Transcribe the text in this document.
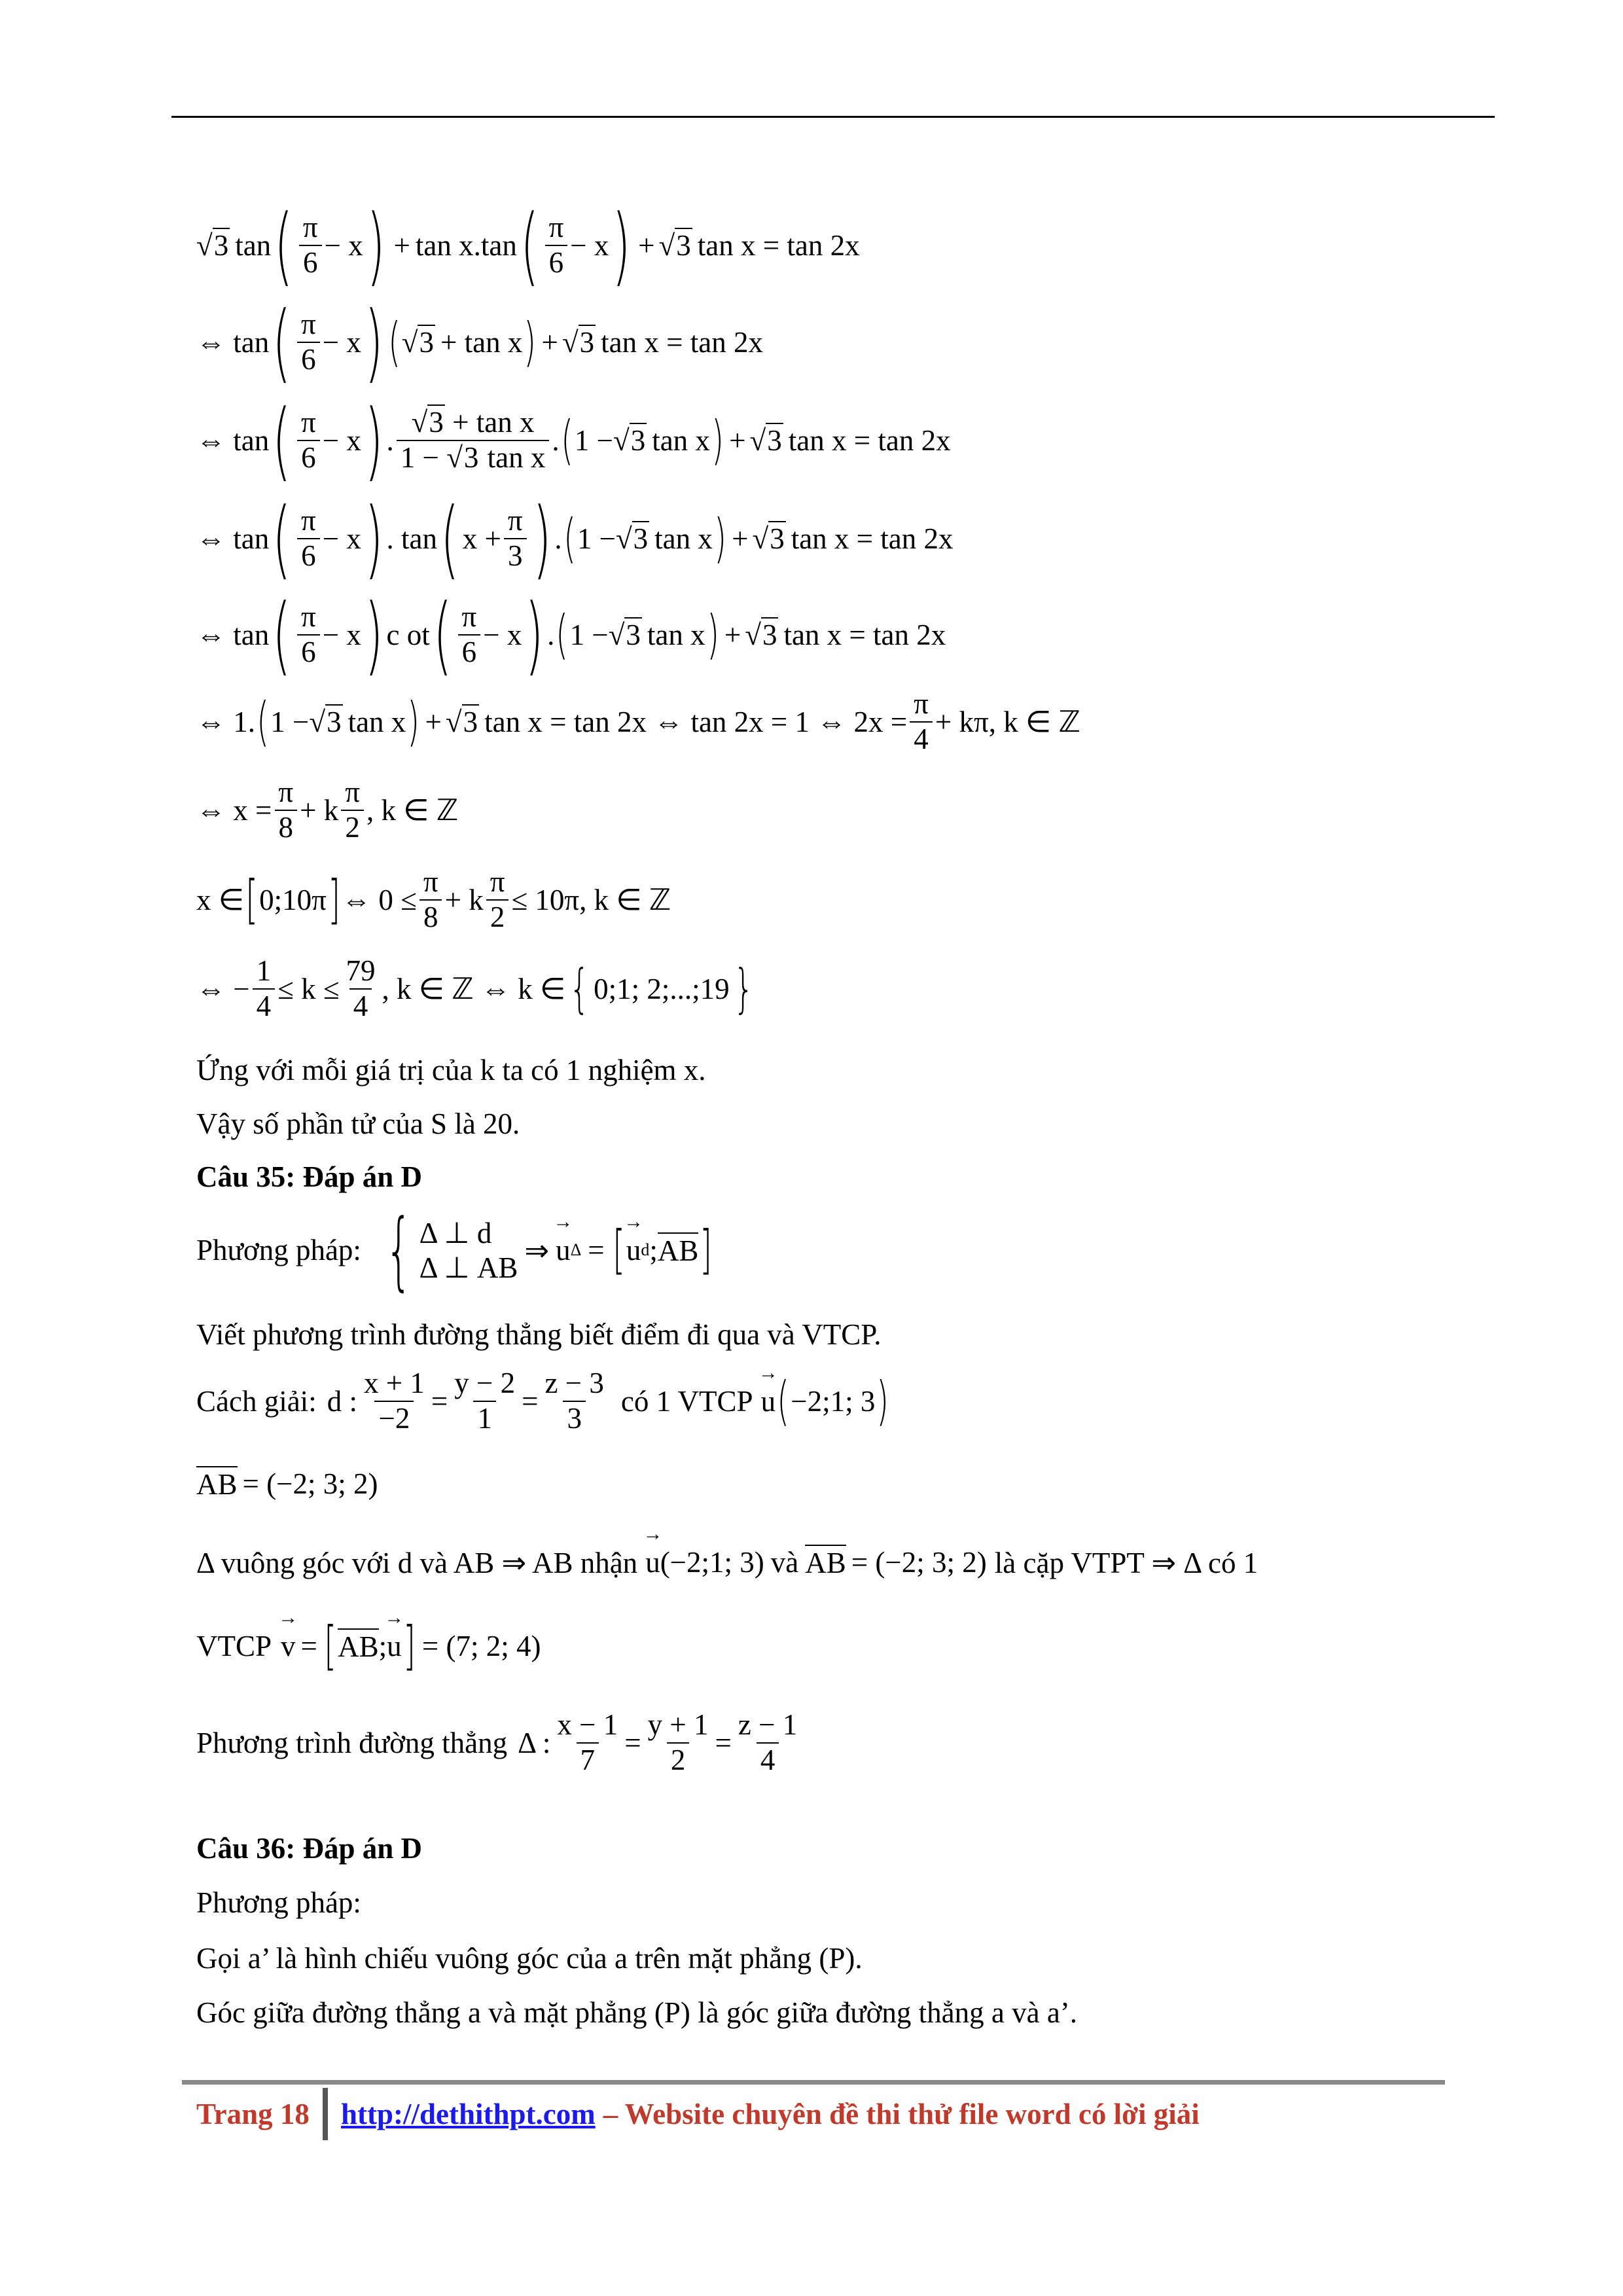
√ 3 tan ( $\frac{\pi}{6} - x$ ) + tan x.tan ( $\frac{\pi}{6} - x$ ) + √ 3 tan x = tan 2x
⇔ tan ( $\frac{\pi}{6} - x$ ) ( √ 3 + tan x ) + √ 3 tan x = tan 2x
⇔ tan ( $\frac{\pi}{6} - x$ ) . $\frac{\text{√3 + tan x}}{\text{1 − √3 tan x}}$ . ( 1 − √ 3 tan x ) + √ 3 tan x = tan 2x
⇔ tan ( $\frac{\pi}{6} - x$ ) . tan ( $x + \frac{\pi}{3}$ ) . ( 1 − √ 3 tan x ) + √ 3 tan x = tan 2x
⇔ tan ( $\frac{\pi}{6} - x$ ) c ot ( $\frac{\pi}{6} - x$ ) . ( 1 − √ 3 tan x ) + √ 3 tan x = tan 2x
⇔ 1. ( 1 − √ 3 tan x ) + √ 3 tan x = tan 2x ⇔ tan 2x = 1 ⇔ $2x = \frac{\pi}{4} + k\pi$, k ∈ ℤ
⇔ $x = \frac{\pi}{8} + k \frac{\pi}{2}$ , k ∈ ℤ
x ∈ [ 0;10π ] ⇔ $0 \le \frac{\pi}{8} + k \frac{\pi}{2} \le 10\pi$, k ∈ ℤ
⇔ − $\frac{1}{4} \le k \le \frac{79}{4}$ , k ∈ ℤ ⇔ k ∈ { 0;1; 2;...;19 }
Ứng với mỗi giá trị của k ta có 1 nghiệm x.
Vậy số phần tử của S là 20.
Câu 35: Đáp án D
Phương pháp: { Δ ⊥ d
Δ ⊥ AB
⇒ → u Δ = [ → u d ; AB ]
Viết phương trình đường thẳng biết điểm đi qua và VTCP.
Cách giải: d : $\frac{x + 1}{-2} = \frac{y - 2}{1} = \frac{z - 3}{3}$ có 1 VTCP → u ( −2;1; 3 )
AB = (−2; 3; 2)
Δ vuông góc với d và AB ⇒ AB nhận → u (−2;1; 3) và AB = (−2; 3; 2) là cặp VTPT ⇒ Δ có 1
VTCP → v = [ AB ; → u ] = (7; 2; 4)
Phương trình đường thẳng Δ : $\frac{x - 1}{7} = \frac{y + 1}{2} = \frac{z - 1}{4}$
Câu 36: Đáp án D
Phương pháp:
Gọi a’ là hình chiếu vuông góc của a trên mặt phẳng (P).
Góc giữa đường thẳng a và mặt phẳng (P) là góc giữa đường thẳng a và a’.
Trang 18 http://dethithpt.com – Website chuyên đề thi thử file word có lời giải
